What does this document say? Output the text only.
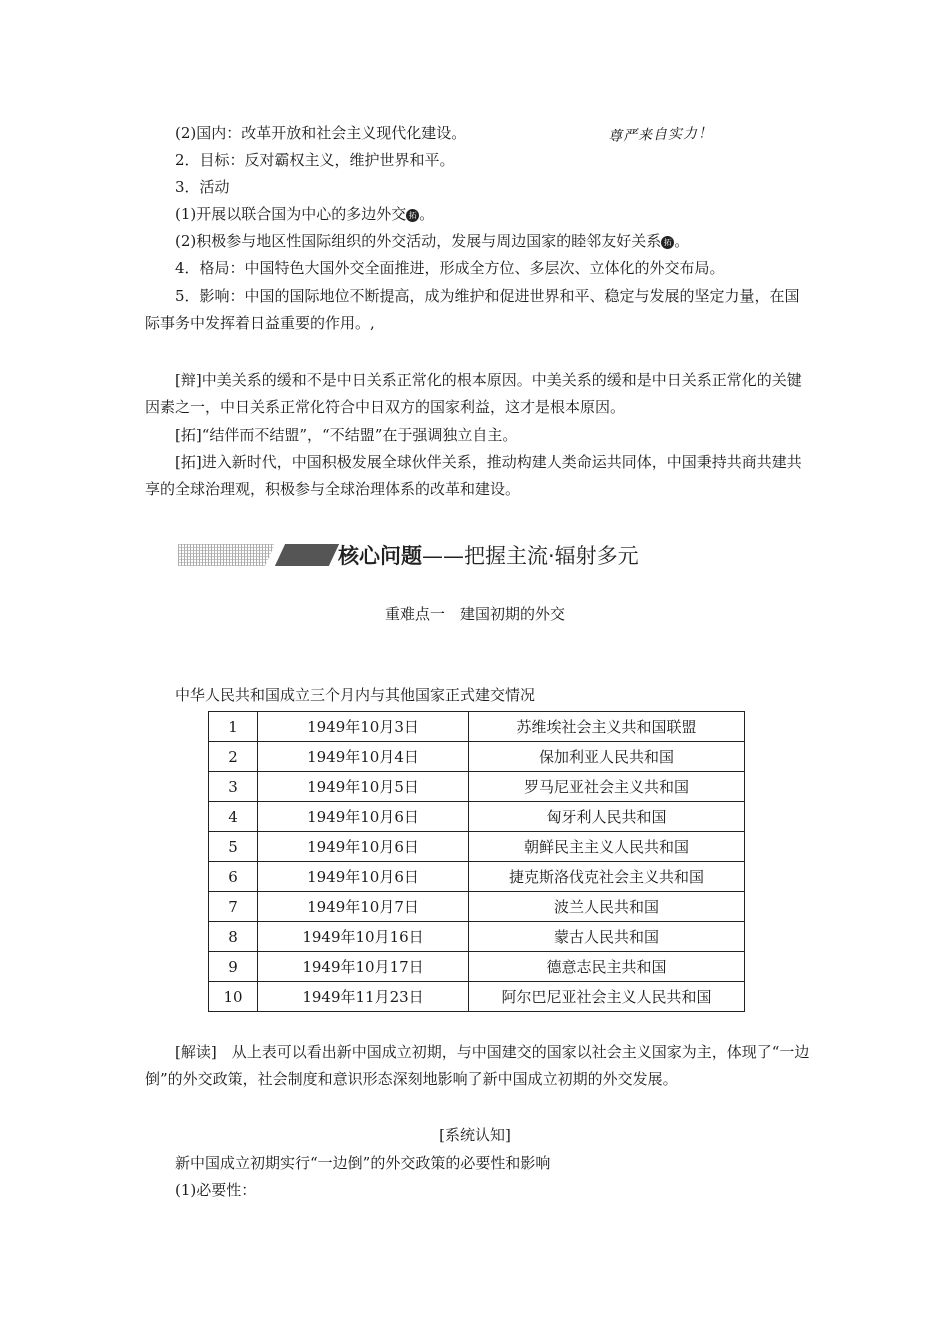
尊严来自实力！

(2)国内：改革开放和社会主义现代化建设。

2．目标：反对霸权主义，维护世界和平。

3．活动

(1)开展以联合国为中心的多边外交 拓 。

(2)积极参与地区性国际组织的外交活动，发展与周边国家的睦邻友好关系 拓 。

4．格局：中国特色大国外交全面推进，形成全方位、多层次、立体化的外交布局。

5．影响：中国的国际地位不断提高，成为维护和促进世界和平、稳定与发展的坚定力量，在国际事务中发挥着日益重要的作用。,

[辩]中美关系的缓和不是中日关系正常化的根本原因。中美关系的缓和是中日关系正常化的关键因素之一，中日关系正常化符合中日双方的国家利益，这才是根本原因。

[拓]“结伴而不结盟”，“不结盟”在于强调独立自主。

[拓]进入新时代，中国积极发展全球伙伴关系，推动构建人类命运共同体，中国秉持共商共建共享的全球治理观，积极参与全球治理体系的改革和建设。

核心问题——把握主流·辐射多元

重难点一　建国初期的外交

中华人民共和国成立三个月内与其他国家正式建交情况

1	1949年10月3日	苏维埃社会主义共和国联盟
2	1949年10月4日	保加利亚人民共和国
3	1949年10月5日	罗马尼亚社会主义共和国
4	1949年10月6日	匈牙利人民共和国
5	1949年10月6日	朝鲜民主主义人民共和国
6	1949年10月6日	捷克斯洛伐克社会主义共和国
7	1949年10月7日	波兰人民共和国
8	1949年10月16日	蒙古人民共和国
9	1949年10月17日	德意志民主共和国
10	1949年11月23日	阿尔巴尼亚社会主义人民共和国

[解读]　从上表可以看出新中国成立初期，与中国建交的国家以社会主义国家为主，体现了“一边倒”的外交政策，社会制度和意识形态深刻地影响了新中国成立初期的外交发展。

[系统认知]

新中国成立初期实行“一边倒”的外交政策的必要性和影响

(1)必要性：
